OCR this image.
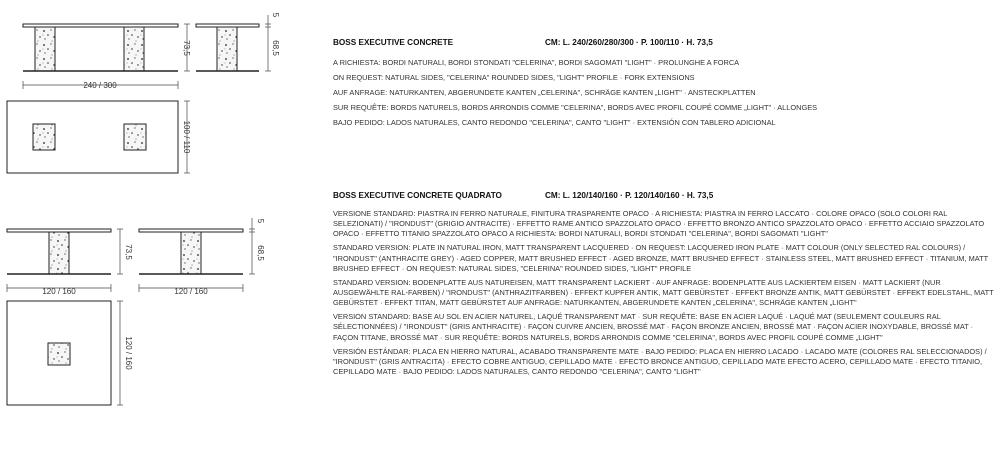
240 / 300
73,5
5
68,5
100 / 110
120 / 160
73,5
120 / 160
5
68,5
120 / 160
BOSS EXECUTIVE CONCRETE	CM: L. 240/260/280/300 · P. 100/110 · H. 73,5
A RICHIESTA: BORDI NATURALI, BORDI STONDATI "CELERINA", BORDI SAGOMATI "LIGHT" · PROLUNGHE A FORCA
ON REQUEST: NATURAL SIDES, "CELERINA" ROUNDED SIDES, "LIGHT" PROFILE · FORK EXTENSIONS
AUF ANFRAGE: NATURKANTEN, ABGERUNDETE KANTEN „CELERINA", SCHRÄGE KANTEN „LIGHT" · ANSTECKPLATTEN
SUR REQUÊTE: BORDS NATURELS, BORDS ARRONDIS COMME "CELERINA", BORDS AVEC PROFIL COUPÉ COMME „LIGHT" · ALLONGES
BAJO PEDIDO: LADOS NATURALES, CANTO REDONDO "CELERINA", CANTO "LIGHT" · EXTENSIÓN CON TABLERO ADICIONAL
BOSS EXECUTIVE CONCRETE QUADRATO	CM: L. 120/140/160 · P. 120/140/160 · H. 73,5
VERSIONE STANDARD: PIASTRA IN FERRO NATURALE, FINITURA TRASPARENTE OPACO · A RICHIESTA: PIASTRA IN FERRO LACCATO · COLORE OPACO (SOLO COLORI RAL SELEZIONATI) / "IRONDUST" (GRIGIO ANTRACITE) · EFFETTO RAME ANTICO SPAZZOLATO OPACO · EFFETTO BRONZO ANTICO SPAZZOLATO OPACO · EFFETTO ACCIAIO SPAZZOLATO OPACO · EFFETTO TITANIO SPAZZOLATO OPACO A RICHIESTA: BORDI NATURALI, BORDI STONDATI "CELERINA", BORDI SAGOMATI "LIGHT"
STANDARD VERSION: PLATE IN NATURAL IRON, MATT TRANSPARENT LACQUERED · ON REQUEST: LACQUERED IRON PLATE · MATT COLOUR (ONLY SELECTED RAL COLOURS) / "IRONDUST" (ANTHRACITE GREY) · AGED COPPER, MATT BRUSHED EFFECT · AGED BRONZE, MATT BRUSHED EFFECT · STAINLESS STEEL, MATT BRUSHED EFFECT · TITANIUM, MATT BRUSHED EFFECT · ON REQUEST: NATURAL SIDES, "CELERINA" ROUNDED SIDES, "LIGHT" PROFILE
STANDARD VERSION: BODENPLATTE AUS NATUREISEN, MATT TRANSPARENT LACKIERT · AUF ANFRAGE: BODENPLATTE AUS LACKIERTEM EISEN · MATT LACKIERT (NUR AUSGEWÄHLTE RAL-FARBEN) / "IRONDUST" (ANTHRAZITFARBEN) · EFFEKT KUPFER ANTIK, MATT GEBÜRSTET · EFFEKT BRONZE ANTIK, MATT GEBÜRSTET · EFFEKT EDELSTAHL, MATT GEBÜRSTET · EFFEKT TITAN, MATT GEBÜRSTET AUF ANFRAGE: NATURKANTEN, ABGERUNDETE KANTEN „CELERINA", SCHRÄGE KANTEN „LIGHT"
VERSION STANDARD: BASE AU SOL EN ACIER NATUREL, LAQUÉ TRANSPARENT MAT · SUR REQUÊTE: BASE EN ACIER LAQUÉ · LAQUÉ MAT (SEULEMENT COULEURS RAL SÉLECTIONNÉES) / "IRONDUST" (GRIS ANTHRACITE) · FAÇON CUIVRE ANCIEN, BROSSÉ MAT · FAÇON BRONZE ANCIEN, BROSSÉ MAT · FAÇON ACIER INOXYDABLE, BROSSÉ MAT · FAÇON TITANE, BROSSÉ MAT · SUR REQUÊTE: BORDS NATURELS, BORDS ARRONDIS COMME "CELERINA", BORDS AVEC PROFIL COUPÉ COMME „LIGHT"
VERSIÓN ESTÁNDAR: PLACA EN HIERRO NATURAL, ACABADO TRANSPARENTE MATE · BAJO PEDIDO: PLACA EN HIERRO LACADO · LACADO MATE (COLORES RAL SELECCIONADOS) / "IRONDUST" (GRIS ANTRACITA) · EFECTO COBRE ANTIGUO, CEPILLADO MATE · EFECTO BRONCE ANTIGUO, CEPILLADO MATE EFECTO ACERO, CEPILLADO MATE · EFECTO TITANIO, CEPILLADO MATE · BAJO PEDIDO: LADOS NATURALES, CANTO REDONDO "CELERINA", CANTO "LIGHT"
